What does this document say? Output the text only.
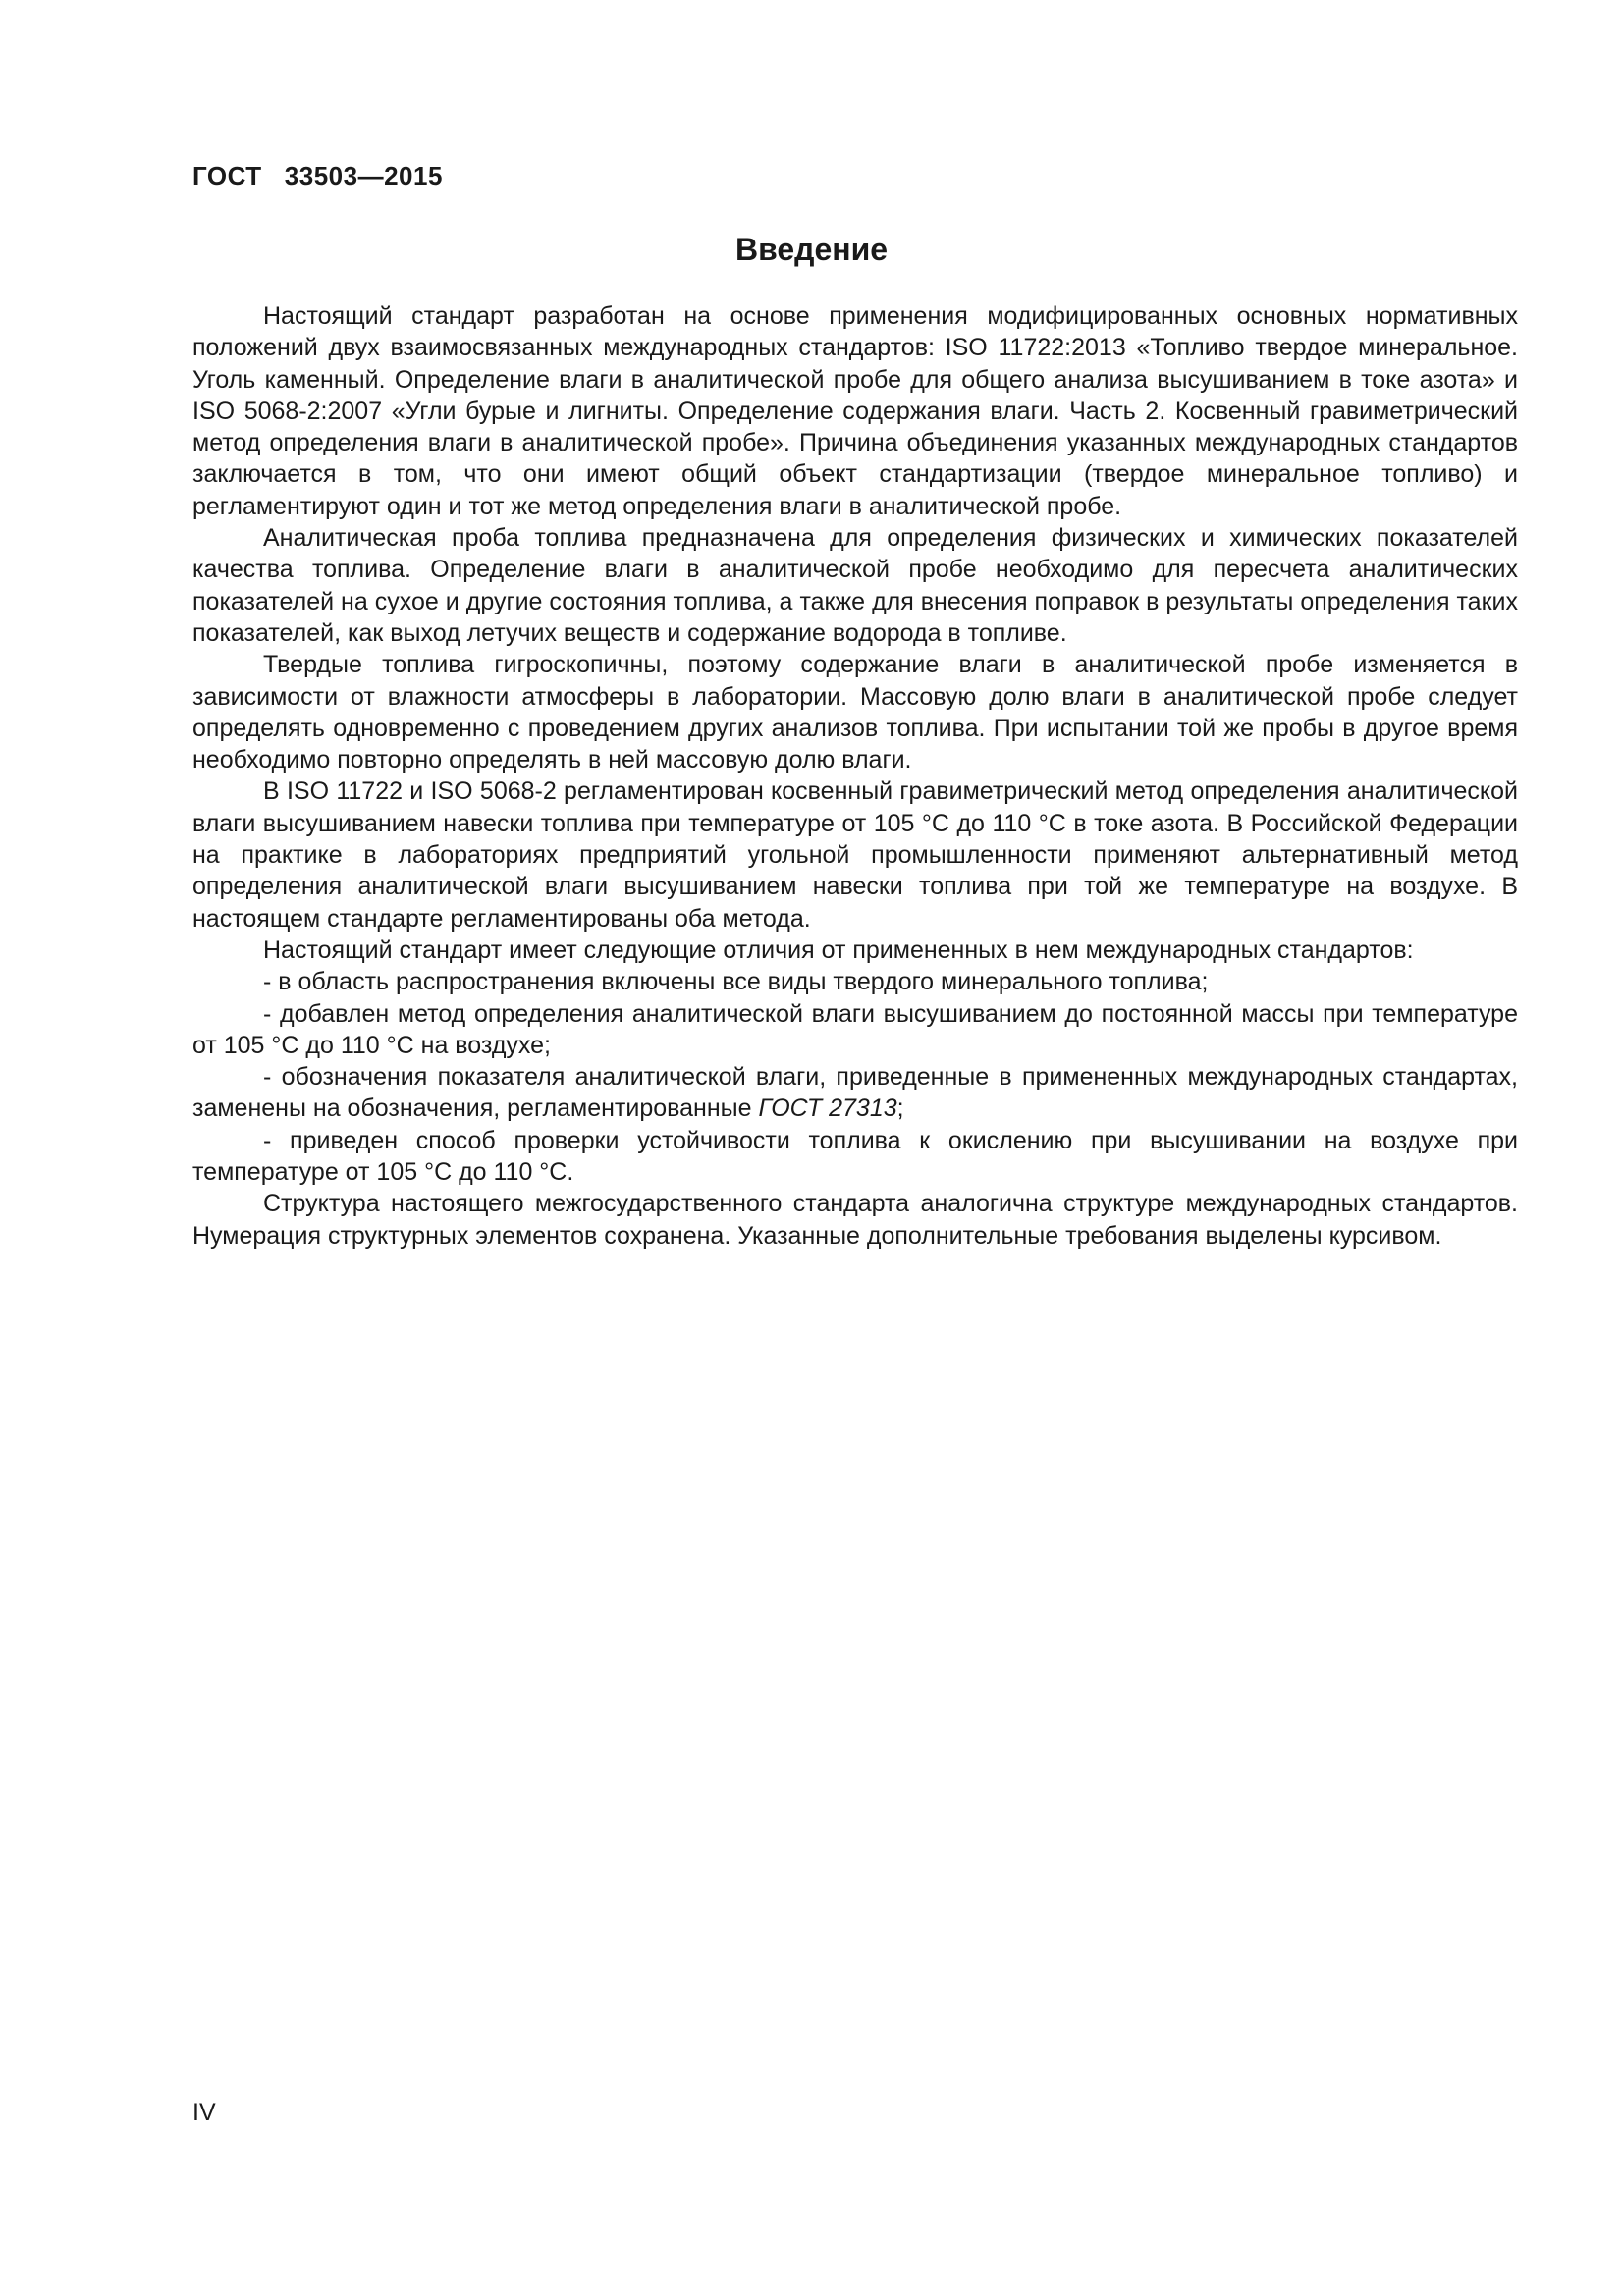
ГОСТ   33503—2015
Введение

Настоящий стандарт разработан на основе применения модифицированных основных нормативных положений двух взаимосвязанных международных стандартов: ISO 11722:2013 «Топливо твердое минеральное. Уголь каменный. Определение влаги в аналитической пробе для общего анализа высушиванием в токе азота» и ISO 5068-2:2007 «Угли бурые и лигниты. Определение содержания влаги. Часть 2. Косвенный гравиметрический метод определения влаги в аналитической пробе». Причина объединения указанных международных стандартов заключается в том, что они имеют общий объект стандартизации (твердое минеральное топливо) и регламентируют один и тот же метод определения влаги в аналитической пробе.

Аналитическая проба топлива предназначена для определения физических и химических показателей качества топлива. Определение влаги в аналитической пробе необходимо для пересчета аналитических показателей на сухое и другие состояния топлива, а также для внесения поправок в результаты определения таких показателей, как выход летучих веществ и содержание водорода в топливе.

Твердые топлива гигроскопичны, поэтому содержание влаги в аналитической пробе изменяется в зависимости от влажности атмосферы в лаборатории. Массовую долю влаги в аналитической пробе следует определять одновременно с проведением других анализов топлива. При испытании той же пробы в другое время необходимо повторно определять в ней массовую долю влаги.

В ISO 11722 и ISO 5068-2 регламентирован косвенный гравиметрический метод определения аналитической влаги высушиванием навески топлива при температуре от 105 °С до 110 °С в токе азота. В Российской Федерации на практике в лабораториях предприятий угольной промышленности применяют альтернативный метод определения аналитической влаги высушиванием навески топлива при той же температуре на воздухе. В настоящем стандарте регламентированы оба метода.

Настоящий стандарт имеет следующие отличия от примененных в нем международных стандартов:

- в область распространения включены все виды твердого минерального топлива;

- добавлен метод определения аналитической влаги высушиванием до постоянной массы при температуре от 105 °С до 110 °С на воздухе;

- обозначения показателя аналитической влаги, приведенные в примененных международных стандартах, заменены на обозначения, регламентированные ГОСТ 27313;

- приведен способ проверки устойчивости топлива к окислению при высушивании на воздухе при температуре от 105 °С до 110 °С.

Структура настоящего межгосударственного стандарта аналогична структуре международных стандартов. Нумерация структурных элементов сохранена. Указанные дополнительные требования выделены курсивом.

IV
